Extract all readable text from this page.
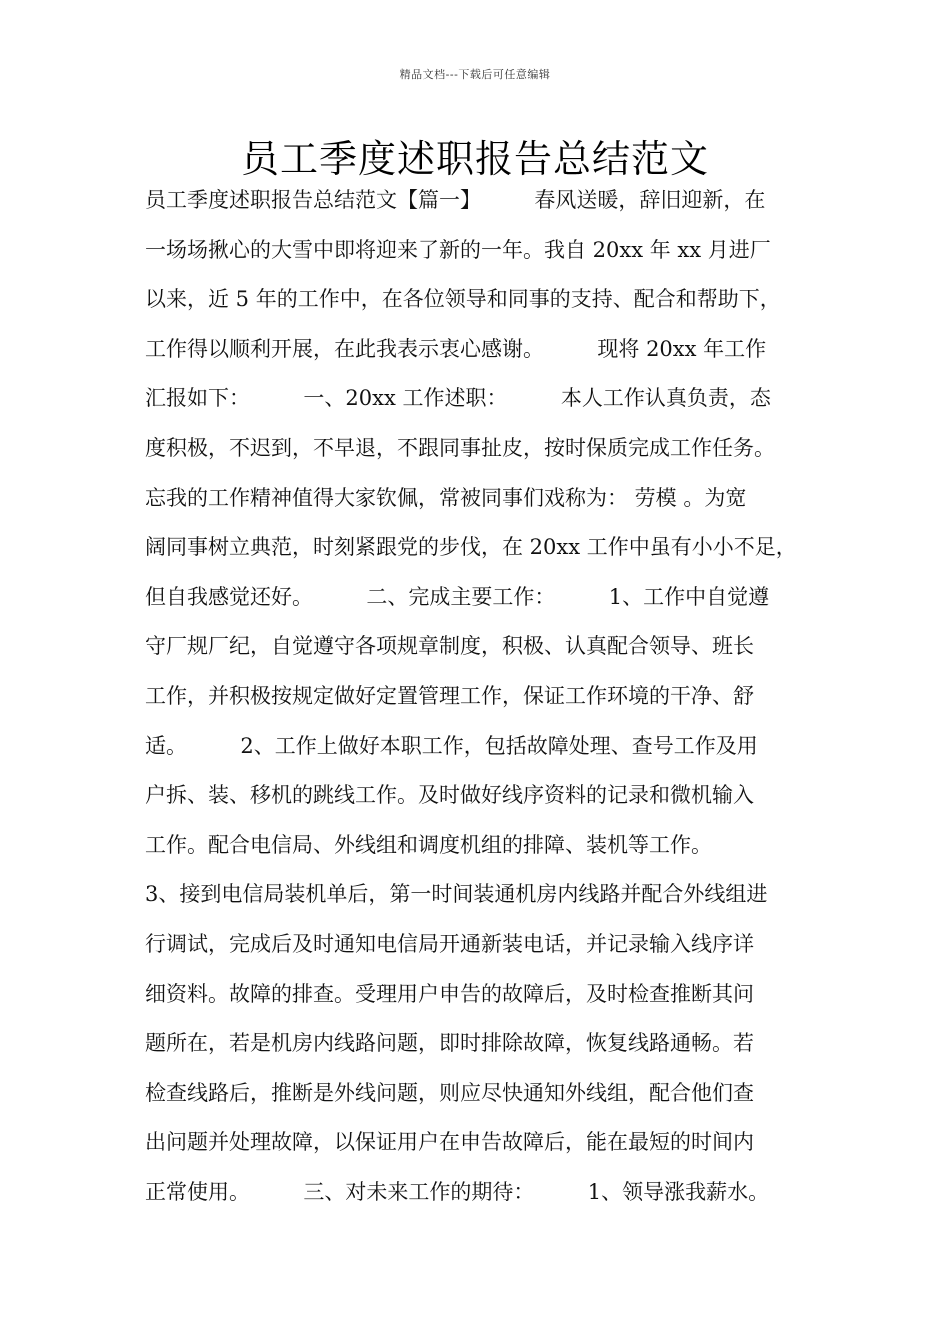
精品文档---下载后可任意编辑
员工季度述职报告总结范文
员工季度述职报告总结范文【篇一】        春风送暖，辞旧迎新，在
一场场揪心的大雪中即将迎来了新的一年。我自 20xx 年 xx 月进厂
以来，近 5 年的工作中，在各位领导和同事的支持、配合和帮助下，
工作得以顺利开展，在此我表示衷心感谢。        现将 20xx 年工作
汇报如下：        一、20xx 工作述职：        本人工作认真负责，态
度积极，不迟到，不早退，不跟同事扯皮，按时保质完成工作任务。
忘我的工作精神值得大家钦佩，常被同事们戏称为： 劳模 。为宽
阔同事树立典范，时刻紧跟党的步伐，在 20xx 工作中虽有小小不足，
但自我感觉还好。        二、完成主要工作：        1、工作中自觉遵
守厂规厂纪，自觉遵守各项规章制度，积极、认真配合领导、班长
工作，并积极按规定做好定置管理工作，保证工作环境的干净、舒
适。        2、工作上做好本职工作，包括故障处理、查号工作及用
户拆、装、移机的跳线工作。及时做好线序资料的记录和微机输入
工作。配合电信局、外线组和调度机组的排障、装机等工作。
3、接到电信局装机单后，第一时间装通机房内线路并配合外线组进
行调试，完成后及时通知电信局开通新装电话，并记录输入线序详
细资料。故障的排查。受理用户申告的故障后，及时检查推断其问
题所在，若是机房内线路问题，即时排除故障，恢复线路通畅。若
检查线路后，推断是外线问题，则应尽快通知外线组，配合他们查
出问题并处理故障，以保证用户在申告故障后，能在最短的时间内
正常使用。        三、对未来工作的期待：        1、领导涨我薪水。
